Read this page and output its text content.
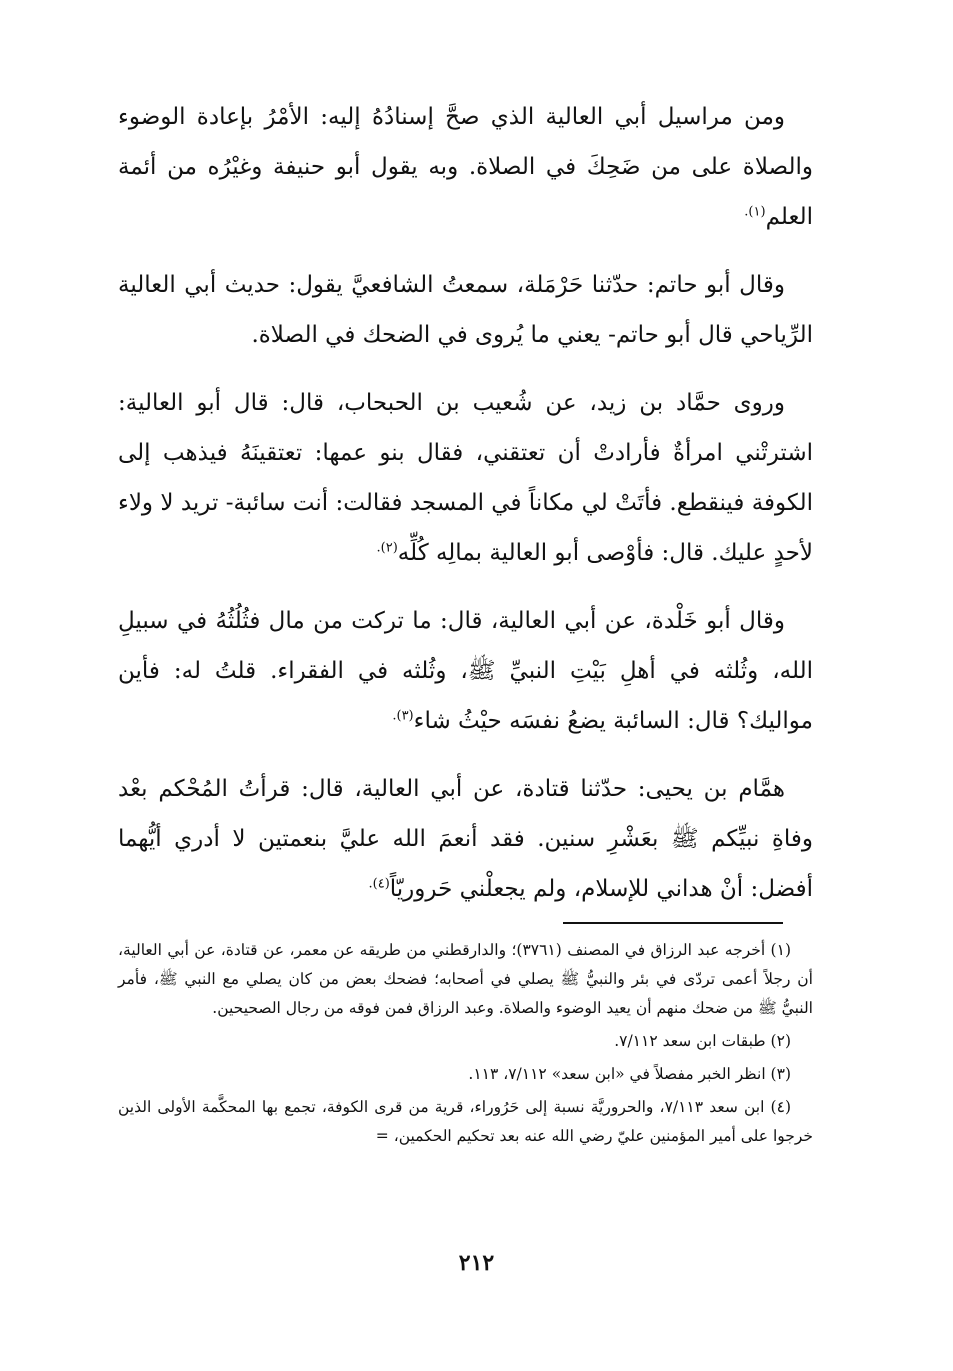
ومن مراسيل أبي العالية الذي صحَّ إسنادُهُ إليه: الأمْرُ بإعادة الوضوء والصلاة على من ضَحِكَ في الصلاة. وبه يقول أبو حنيفة وغيْرُه من أئمة العلم$^{(١).}$

وقال أبو حاتم: حدّثنا حَرْمَلة، سمعتُ الشافعيَّ يقول: حديث أبي العالية الرِّياحي قال أبو حاتم- يعني ما يُروى في الضحك في الصلاة.

وروى حمَّاد بن زيد، عن شُعيب بن الحبحاب، قال: قال أبو العالية: اشترتْني امرأةٌ فأرادتْ أن تعتقني، فقال بنو عمها: تعتقينَهُ فيذهب إلى الكوفة فينقطع. فأتَتْ لي مكاناً في المسجد فقالت: أنت سائبة- تريد لا ولاء لأحدٍ عليك. قال: فأوْصى أبو العالية بمالِه كُلِّه$^{(٢).}$

وقال أبو خَلْدة، عن أبي العالية، قال: ما تركت من مال فثُلُثُهُ في سبيلِ الله، وثُلثه في أهلِ بَيْتِ النبيِّ ﷺ، وثُلثه في الفقراء. قلتُ له: فأين مواليك؟ قال: السائبة يضعُ نفسَه حيْثُ شاء$^{(٣).}$

همَّام بن يحيى: حدّثنا قتادة، عن أبي العالية، قال: قرأتُ المُحْكم بعْد وفاةِ نبيِّكم ﷺ بعَشْرِ سنين. فقد أنعمَ الله عليَّ بنعمتين لا أدري أيُّهما أفضل: أنْ هداني للإسلام، ولم يجعلْني حَروريّاً$^{(٤).}$

(١) أخرجه عبد الرزاق في المصنف (٣٧٦١)؛ والدارقطني من طريقه عن معمر، عن قتادة، عن أبي العالية، أن رجلاً أعمى تردّى في بئر والنبيُّ ﷺ يصلي في أصحابه؛ فضحك بعض من كان يصلي مع النبي ﷺ، فأمر النبيُّ ﷺ من ضحك منهم أن يعيد الوضوء والصلاة. وعبد الرزاق فمن فوقه من رجال الصحيحين.

(٢) طبقات ابن سعد ٧/١١٢.

(٣) انظر الخبر مفصلاً في «ابن سعد» ٧/١١٢، ١١٣.

(٤) ابن سعد ٧/١١٣، والحروريَّة نسبة إلى حَرُوراء، قرية من قرى الكوفة، تجمع بها المحكَّمة الأولى الذين خرجوا على أمير المؤمنين عليّ رضي الله عنه بعد تحكيم الحكمين، =

٢١٢
